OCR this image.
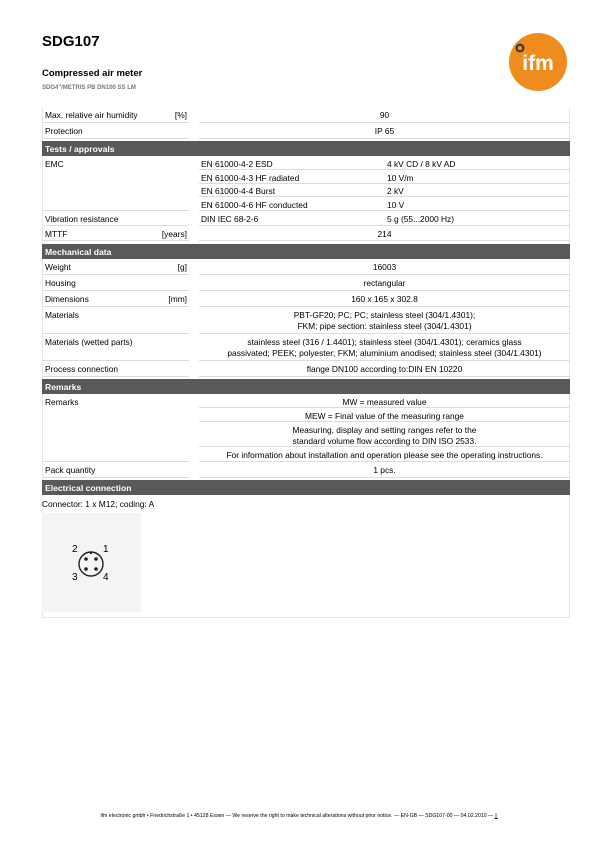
SDG107
Compressed air meter
SDG4"/METRIS PB DN100 SS LM
ifm
Max. relative air humidity	[%]	90
Protection	IP 65
Tests / approvals
EMC	EN 61000-4-2 ESD	4 kV CD / 8 kV AD
EN 61000-4-3 HF radiated	10 V/m
EN 61000-4-4 Burst	2 kV
EN 61000-4-6 HF conducted	10 V
Vibration resistance	DIN IEC 68-2-6	5 g (55...2000 Hz)
MTTF	[years]	214
Mechanical data
Weight	[g]	16003
Housing	rectangular
Dimensions	[mm]	160 x 165 x 302.8
Materials	PBT-GF20; PC; PC; stainless steel (304/1.4301);
FKM; pipe section: stainless steel (304/1.4301)
Materials (wetted parts)	stainless steel (316 / 1.4401); stainless steel (304/1.4301); ceramics glass
passivated; PEEK; polyester; FKM; aluminium anodised; stainless steel (304/1.4301)
Process connection	flange DN100 according to:DIN EN 10220
Remarks
Remarks	MW = measured value
MEW = Final value of the measuring range
Measuring, display and setting ranges refer to the
standard volume flow according to DIN ISO 2533.
For information about installation and operation please see the operating instructions.
Pack quantity	1 pcs.
Electrical connection
Connector: 1 x M12; coding: A
2	1
3	4
ifm electronic gmbh • Friedrichstraße 1 • 45128 Essen — We reserve the right to make technical alterations without prior notice. — EN-GB — SDG107-00 — 04.02.2010 — ▯
